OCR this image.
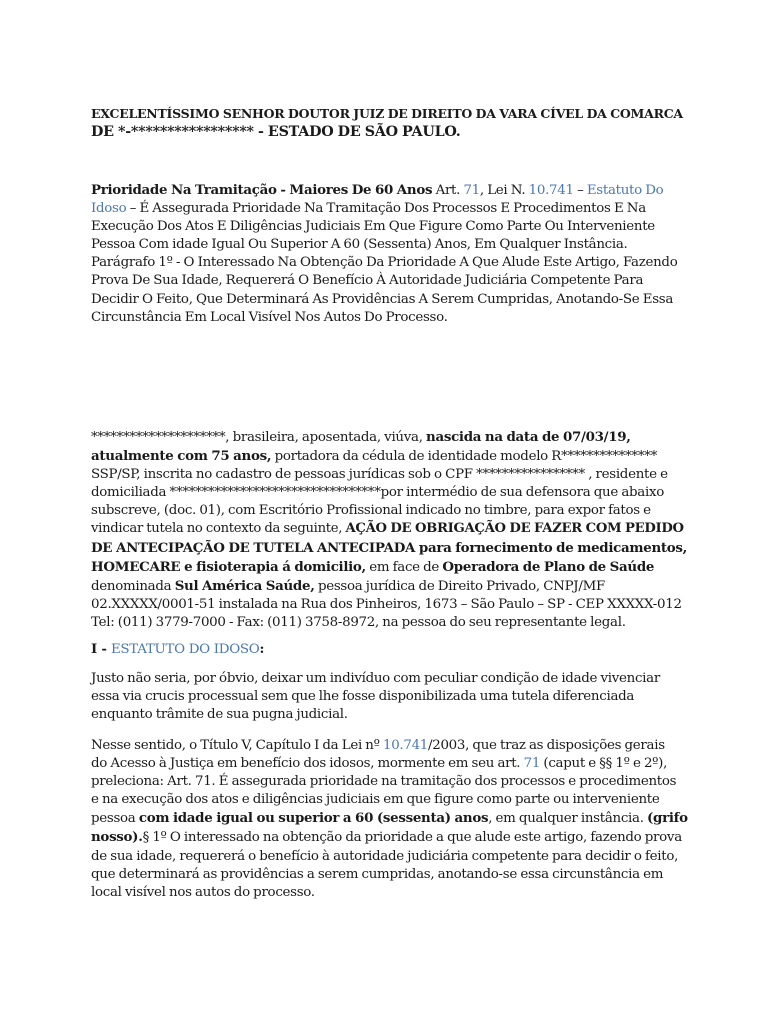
EXCELENTÍSSIMO SENHOR DOUTOR JUIZ DE DIREITO DA VARA CÍVEL DA COMARCA
DE *-***************** - ESTADO DE SÃO PAULO.
Prioridade Na Tramitação - Maiores De 60 Anos Art. 71, Lei N. 10.741 – Estatuto Do
Idoso – É Assegurada Prioridade Na Tramitação Dos Processos E Procedimentos E Na
Execução Dos Atos E Diligências Judiciais Em Que Figure Como Parte Ou Interveniente
Pessoa Com idade Igual Ou Superior A 60 (Sessenta) Anos, Em Qualquer Instância.
Parágrafo 1º - O Interessado Na Obtenção Da Prioridade A Que Alude Este Artigo, Fazendo
Prova De Sua Idade, Requererá O Benefício À Autoridade Judiciária Competente Para
Decidir O Feito, Que Determinará As Providências A Serem Cumpridas, Anotando-Se Essa
Circunstância Em Local Visível Nos Autos Do Processo.
*********************, brasileira, aposentada, viúva, nascida na data de 07/03/19,
atualmente com 75 anos, portadora da cédula de identidade modelo R***************
SSP/SP, inscrita no cadastro de pessoas jurídicas sob o CPF ***************** , residente e
domiciliada *********************************por intermédio de sua defensora que abaixo
subscreve, (doc. 01), com Escritório Profissional indicado no timbre, para expor fatos e
vindicar tutela no contexto da seguinte, AÇÃO DE OBRIGAÇÃO DE FAZER COM PEDIDO
DE ANTECIPAÇÃO DE TUTELA ANTECIPADA para fornecimento de medicamentos,
HOMECARE e fisioterapia á domicilio, em face de Operadora de Plano de Saúde
denominada Sul América Saúde, pessoa jurídica de Direito Privado, CNPJ/MF
02.XXXXX/0001-51 instalada na Rua dos Pinheiros, 1673 – São Paulo – SP - CEP XXXXX-012
Tel: (011) 3779-7000 - Fax: (011) 3758-8972, na pessoa do seu representante legal.
I - ESTATUTO DO IDOSO:
Justo não seria, por óbvio, deixar um indivíduo com peculiar condição de idade vivenciar
essa via crucis processual sem que lhe fosse disponibilizada uma tutela diferenciada
enquanto trâmite de sua pugna judicial.
Nesse sentido, o Título V, Capítulo I da Lei nº 10.741/2003, que traz as disposições gerais
do Acesso à Justiça em benefício dos idosos, mormente em seu art. 71 (caput e §§ 1º e 2º),
preleciona: Art. 71. É assegurada prioridade na tramitação dos processos e procedimentos
e na execução dos atos e diligências judiciais em que figure como parte ou interveniente
pessoa com idade igual ou superior a 60 (sessenta) anos, em qualquer instância. (grifo
nosso).§ 1º O interessado na obtenção da prioridade a que alude este artigo, fazendo prova
de sua idade, requererá o benefício à autoridade judiciária competente para decidir o feito,
que determinará as providências a serem cumpridas, anotando-se essa circunstância em
local visível nos autos do processo.
